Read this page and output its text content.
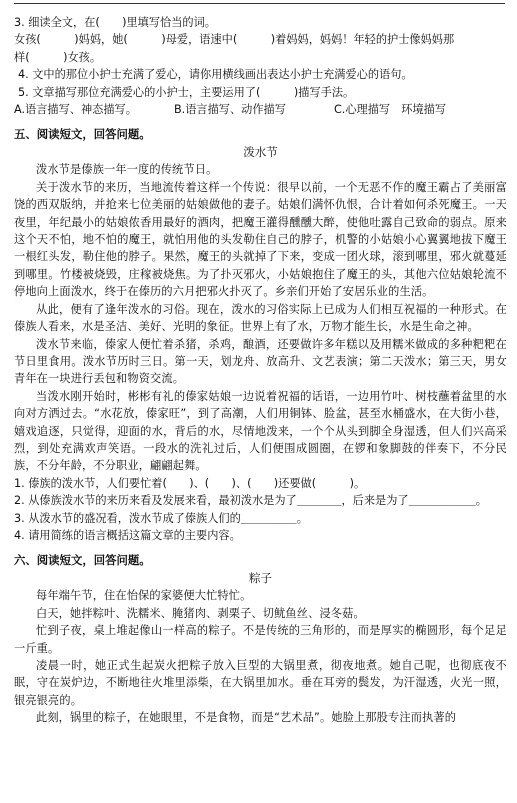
3. 细读全文，在(　　)里填写恰当的词。
女孩(　　　)妈妈，她(　　　)母爱，语速中(　　　)着妈妈，妈妈！年轻的护士像妈妈那
样(　　　)女孩。
4. 文中的那位小护士充满了爱心，请你用横线画出表达小护士充满爱心的语句。
5. 文章描写那位充满爱心的小护士，主要运用了(　　　)描写手法。
A.语言描写、神态描写。	B.语言描写、动作描写	C.心理描写　环境描写
五、阅读短文，回答问题。
泼水节
泼水节是傣族一年一度的传统节日。
关于泼水节的来历，当地流传着这样一个传说：很早以前，一个无恶不作的魔王霸占了美丽富饶的西双版纳，并抢来七位美丽的姑娘做他的妻子。姑娘们满怀仇恨，合计着如何杀死魔王。一天夜里，年纪最小的姑娘侬香用最好的酒肉，把魔王灌得醺醺大醉，使他吐露自己致命的弱点。原来这个天不怕，地不怕的魔王，就怕用他的头发勒住自己的脖子，机警的小姑娘小心翼翼地拔下魔王一根红头发，勒住他的脖子。果然，魔王的头就掉了下来，变成一团火球，滚到哪里，邪火就蔓延到哪里。竹楼被烧毁，庄稼被烧焦。为了扑灭邪火，小姑娘抱住了魔王的头，其他六位姑娘轮流不停地向上面泼水，终于在傣历的六月把邪火扑灭了。乡亲们开始了安居乐业的生活。
从此，便有了逢年泼水的习俗。现在，泼水的习俗实际上已成为人们相互祝福的一种形式。在傣族人看来，水是圣洁、美好、光明的象征。世界上有了水，万物才能生长，水是生命之神。
泼水节来临，傣家人便忙着杀猪，杀鸡，酿酒，还要做许多年糕以及用糯米做成的多种粑粑在节日里食用。泼水节历时三日。第一天，划龙舟、放高升、文艺表演；第二天泼水；第三天，男女青年在一块进行丢包和物资交流。
当泼水刚开始时，彬彬有礼的傣家姑娘一边说着祝福的话语，一边用竹叶、树枝蘸着盆里的水向对方洒过去。“水花放，傣家旺”，到了高潮，人们用铜钵、脸盆，甚至水桶盛水，在大街小巷，嬉戏追逐，只觉得，迎面的水，背后的水，尽情地泼来，一个个从头到脚全身湿透，但人们兴高采烈，到处充满欢声笑语。一段水的洗礼过后，人们便围成圆圈，在锣和象脚鼓的伴奏下，不分民族，不分年龄，不分职业，翩翩起舞。
1. 傣族的泼水节，人们要忙着(　　)、(　　)、(　　)还要做(　　　)。
2. 从傣族泼水节的来历来看及发展来看，最初泼水是为了＿＿＿＿，后来是为了＿＿＿＿＿＿。
3. 从泼水节的盛况看，泼水节成了傣族人们的＿＿＿＿＿。
4. 请用简练的语言概括这篇文章的主要内容。
六、阅读短文，回答问题。
粽子
每年端午节，住在怡保的家婆便大忙特忙。
白天，她拌粽叶、洗糯米、腌猪肉、剥栗子、切鱿鱼丝、浸冬菇。
忙到子夜，桌上堆起像山一样高的粽子。不是传统的三角形的，而是厚实的椭圆形，每个足足一斤重。
凌晨一时，她正式生起炭火把粽子放入巨型的大锅里煮，彻夜地煮。她自己呢，也彻底夜不眠，守在炭炉边，不断地往火堆里添柴，在大锅里加水。垂在耳旁的鬓发，为汗湿透，火光一照，银亮银亮的。
此刻，锅里的粽子，在她眼里，不是食物，而是“艺术品”。她脸上那股专注而执著的
